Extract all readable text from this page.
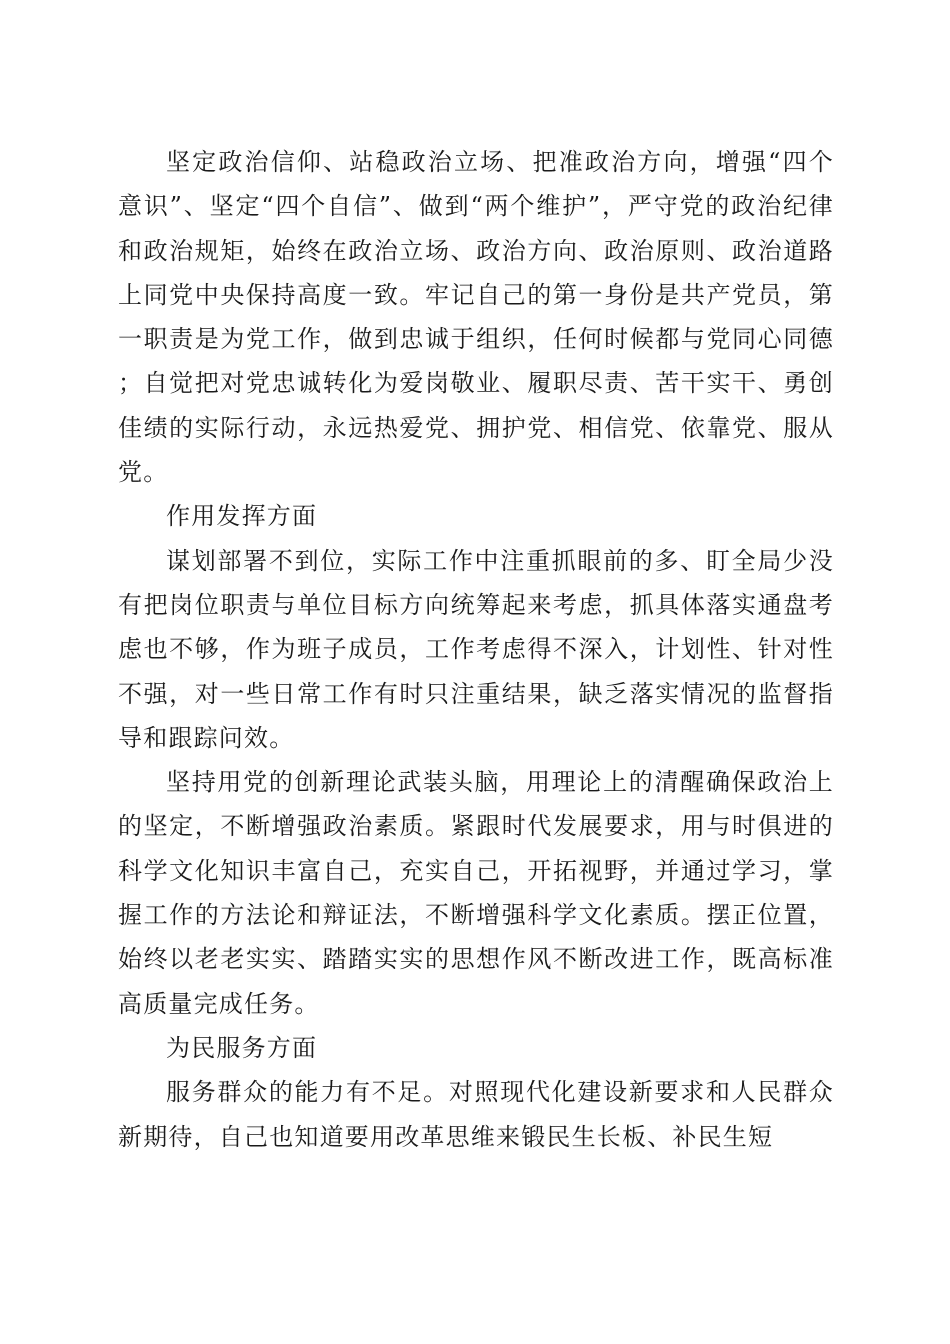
坚定政治信仰、站稳政治立场、把准政治方向，增强“四个意识”、坚定“四个自信”、做到“两个维护”，严守党的政治纪律和政治规矩，始终在政治立场、政治方向、政治原则、政治道路上同党中央保持高度一致。牢记自己的第一身份是共产党员，第一职责是为党工作，做到忠诚于组织，任何时候都与党同心同德；自觉把对党忠诚转化为爱岗敬业、履职尽责、苦干实干、勇创佳绩的实际行动，永远热爱党、拥护党、相信党、依靠党、服从党。

作用发挥方面

谋划部署不到位，实际工作中注重抓眼前的多、盯全局少没有把岗位职责与单位目标方向统筹起来考虑，抓具体落实通盘考虑也不够，作为班子成员，工作考虑得不深入，计划性、针对性不强，对一些日常工作有时只注重结果，缺乏落实情况的监督指导和跟踪问效。

坚持用党的创新理论武装头脑，用理论上的清醒确保政治上的坚定，不断增强政治素质。紧跟时代发展要求，用与时俱进的科学文化知识丰富自己，充实自己，开拓视野，并通过学习，掌握工作的方法论和辩证法，不断增强科学文化素质。摆正位置，始终以老老实实、踏踏实实的思想作风不断改进工作，既高标准高质量完成任务。

为民服务方面

服务群众的能力有不足。对照现代化建设新要求和人民群众新期待，自己也知道要用改革思维来锻民生长板、补民生短
